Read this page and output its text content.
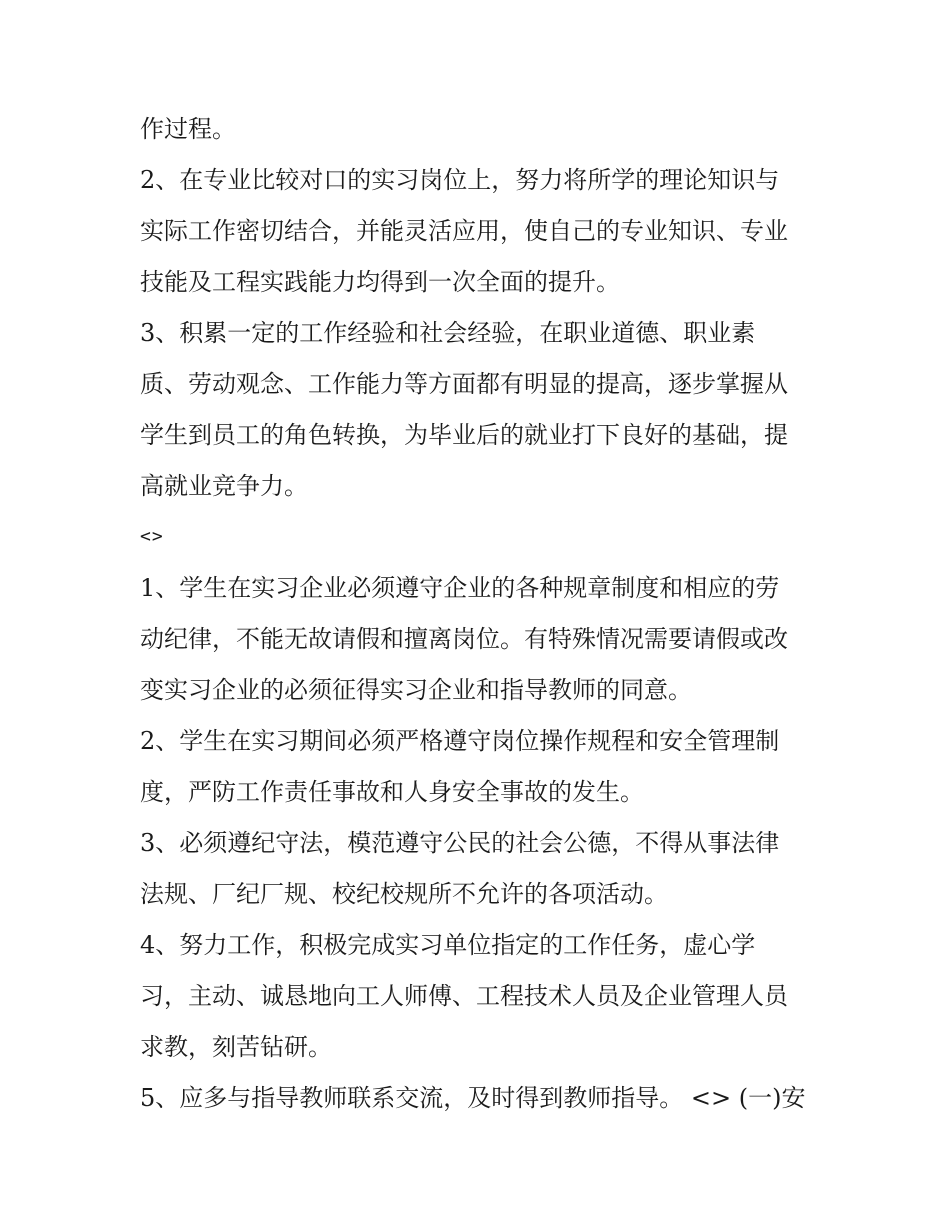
作过程。
2、在专业比较对口的实习岗位上，努力将所学的理论知识与
实际工作密切结合，并能灵活应用，使自己的专业知识、专业
技能及工程实践能力均得到一次全面的提升。
3、积累一定的工作经验和社会经验，在职业道德、职业素
质、劳动观念、工作能力等方面都有明显的提高，逐步掌握从
学生到员工的角色转换，为毕业后的就业打下良好的基础，提
高就业竞争力。
<>
1、学生在实习企业必须遵守企业的各种规章制度和相应的劳
动纪律，不能无故请假和擅离岗位。有特殊情况需要请假或改
变实习企业的必须征得实习企业和指导教师的同意。
2、学生在实习期间必须严格遵守岗位操作规程和安全管理制
度，严防工作责任事故和人身安全事故的发生。
3、必须遵纪守法，模范遵守公民的社会公德，不得从事法律
法规、厂纪厂规、校纪校规所不允许的各项活动。
4、努力工作，积极完成实习单位指定的工作任务，虚心学
习，主动、诚恳地向工人师傅、工程技术人员及企业管理人员
求教，刻苦钻研。
5、应多与指导教师联系交流，及时得到教师指导。 <> (一)安
